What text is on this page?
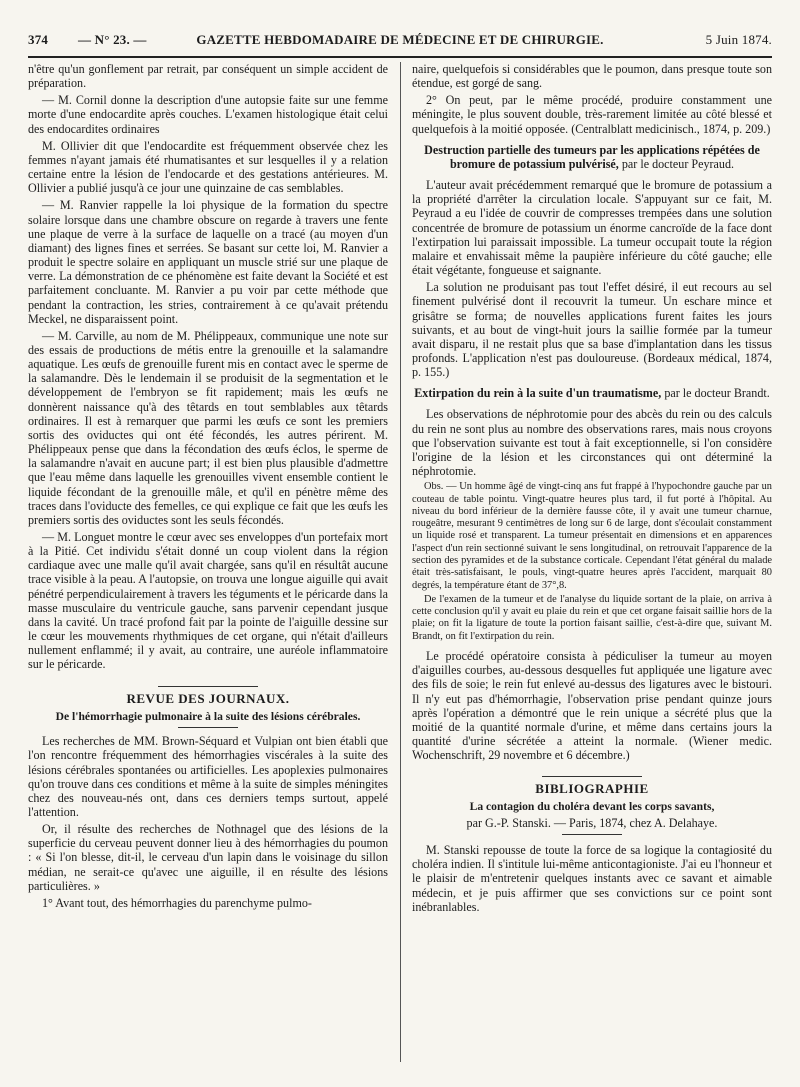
374 — N° 23. —	GAZETTE HEBDOMADAIRE DE MÉDECINE ET DE CHIRURGIE.	5 Juin 1874.

n'être qu'un gonflement par retrait, par conséquent un simple accident de préparation.

— M. Cornil donne la description d'une autopsie faite sur une femme morte d'une endocardite après couches. L'examen histologique était celui des endocardites ordinaires

M. Ollivier dit que l'endocardite est fréquemment observée chez les femmes n'ayant jamais été rhumatisantes et sur lesquelles il y a relation certaine entre la lésion de l'endocarde et des gestations antérieures. M. Ollivier a publié jusqu'à ce jour une quinzaine de cas semblables.

— M. Ranvier rappelle la loi physique de la formation du spectre solaire lorsque dans une chambre obscure on regarde à travers une fente une plaque de verre à la surface de laquelle on a tracé (au moyen d'un diamant) des lignes fines et serrées. Se basant sur cette loi, M. Ranvier a produit le spectre solaire en appliquant un muscle strié sur une plaque de verre. La démonstration de ce phénomène est faite devant la Société et est parfaitement concluante. M. Ranvier a pu voir par cette méthode que pendant la contraction, les stries, contrairement à ce qu'avait prétendu Meckel, ne disparaissent point.

— M. Carville, au nom de M. Phélippeaux, communique une note sur des essais de productions de métis entre la grenouille et la salamandre aquatique. Les œufs de grenouille furent mis en contact avec le sperme de la salamandre. Dès le lendemain il se produisit de la segmentation et le développement de l'embryon se fit rapidement; mais les œufs ne donnèrent naissance qu'à des têtards en tout semblables aux têtards ordinaires. Il est à remarquer que parmi les œufs ce sont les premiers sortis des oviductes qui ont été fécondés, les autres périrent. M. Phélippeaux pense que dans la fécondation des œufs éclos, le sperme de la salamandre n'avait en aucune part; il est bien plus plausible d'admettre que l'eau même dans laquelle les grenouilles vivent ensemble contient le liquide fécondant de la grenouille mâle, et qu'il en pénètre même des traces dans l'oviducte des femelles, ce qui explique ce fait que les œufs les premiers sortis des oviductes sont les seuls fécondés.

— M. Longuet montre le cœur avec ses enveloppes d'un portefaix mort à la Pitié. Cet individu s'était donné un coup violent dans la région cardiaque avec une malle qu'il avait chargée, sans qu'il en résultât aucune trace visible à la peau. A l'autopsie, on trouva une longue aiguille qui avait pénétré perpendiculairement à travers les téguments et le péricarde dans la masse musculaire du ventricule gauche, sans parvenir cependant jusque dans la cavité. Un tracé profond fait par la pointe de l'aiguille dessine sur le cœur les mouvements rhythmiques de cet organe, qui n'était d'ailleurs nullement enflammé; il y avait, au contraire, une auréole inflammatoire sur le péricarde.

REVUE DES JOURNAUX.
De l'hémorrhagie pulmonaire à la suite des lésions cérébrales.

Les recherches de MM. Brown-Séquard et Vulpian ont bien établi que l'on rencontre fréquemment des hémorrhagies viscérales à la suite des lésions cérébrales spontanées ou artificielles. Les apoplexies pulmonaires qu'on trouve dans ces conditions et même à la suite de simples méningites chez des nouveau-nés ont, dans ces derniers temps surtout, appelé l'attention.

Or, il résulte des recherches de Nothnagel que des lésions de la superficie du cerveau peuvent donner lieu à des hémorrhagies du poumon : « Si l'on blesse, dit-il, le cerveau d'un lapin dans le voisinage du sillon médian, ne serait-ce qu'avec une aiguille, il en résulte des lésions particulières. »

1° Avant tout, des hémorrhagies du parenchyme pulmo-

naire, quelquefois si considérables que le poumon, dans presque toute son étendue, est gorgé de sang.

2° On peut, par le même procédé, produire constamment une méningite, le plus souvent double, très-rarement limitée au côté blessé et quelquefois à la moitié opposée. (Centralblatt medicinisch., 1874, p. 209.)

Destruction partielle des tumeurs par les applications répétées de bromure de potassium pulvérisé, par le docteur Peyraud.

L'auteur avait précédemment remarqué que le bromure de potassium a la propriété d'arrêter la circulation locale. S'appuyant sur ce fait, M. Peyraud a eu l'idée de couvrir de compresses trempées dans une solution concentrée de bromure de potassium un énorme cancroïde de la face dont l'extirpation lui paraissait impossible. La tumeur occupait toute la région malaire et envahissait même la paupière inférieure du côté gauche; elle était végétante, fongueuse et saignante.

La solution ne produisant pas tout l'effet désiré, il eut recours au sel finement pulvérisé dont il recouvrit la tumeur. Un eschare mince et grisâtre se forma; de nouvelles applications furent faites les jours suivants, et au bout de vingt-huit jours la saillie formée par la tumeur avait disparu, il ne restait plus que sa base d'implantation dans les tissus profonds. L'application n'est pas douloureuse. (Bordeaux médical, 1874, p. 155.)

Extirpation du rein à la suite d'un traumatisme, par le docteur Brandt.

Les observations de néphrotomie pour des abcès du rein ou des calculs du rein ne sont plus au nombre des observations rares, mais nous croyons que l'observation suivante est tout à fait exceptionnelle, si l'on considère l'origine de la lésion et les circonstances qui ont déterminé la néphrotomie.

Obs. — Un homme âgé de vingt-cinq ans fut frappé à l'hypochondre gauche par un couteau de table pointu. Vingt-quatre heures plus tard, il fut porté à l'hôpital. Au niveau du bord inférieur de la dernière fausse côte, il y avait une tumeur charnue, rougeâtre, mesurant 9 centimètres de long sur 6 de large, dont s'écoulait constamment un liquide rosé et transparent. La tumeur présentait en dimensions et en apparences l'aspect d'un rein sectionné suivant le sens longitudinal, on retrouvait l'apparence de la section des pyramides et de la substance corticale. Cependant l'état général du malade était très-satisfaisant, le pouls, vingt-quatre heures après l'accident, marquait 80 degrés, la température étant de 37°,8.

De l'examen de la tumeur et de l'analyse du liquide sortant de la plaie, on arriva à cette conclusion qu'il y avait eu plaie du rein et que cet organe faisait saillie hors de la plaie; on fit la ligature de toute la portion faisant saillie, c'est-à-dire que, suivant M. Brandt, on fit l'extirpation du rein.

Le procédé opératoire consista à pédiculiser la tumeur au moyen d'aiguilles courbes, au-dessous desquelles fut appliquée une ligature avec des fils de soie; le rein fut enlevé au-dessus des ligatures avec le bistouri. Il n'y eut pas d'hémorrhagie, l'observation prise pendant quinze jours après l'opération a démontré que le rein unique a sécrété plus que la moitié de la quantité normale d'urine, et même dans certains jours la quantité d'urine sécrétée a atteint la normale. (Wiener medic. Wochenschrift, 29 novembre et 6 décembre.)

BIBLIOGRAPHIE
La contagion du choléra devant les corps savants,
par G.-P. Stanski. — Paris, 1874, chez A. Delahaye.

M. Stanski repousse de toute la force de sa logique la contagiosité du choléra indien. Il s'intitule lui-même anticontagioniste. J'ai eu l'honneur et le plaisir de m'entretenir quelques instants avec ce savant et aimable médecin, et je puis affirmer que ses convictions sur ce point sont inébranlables.
